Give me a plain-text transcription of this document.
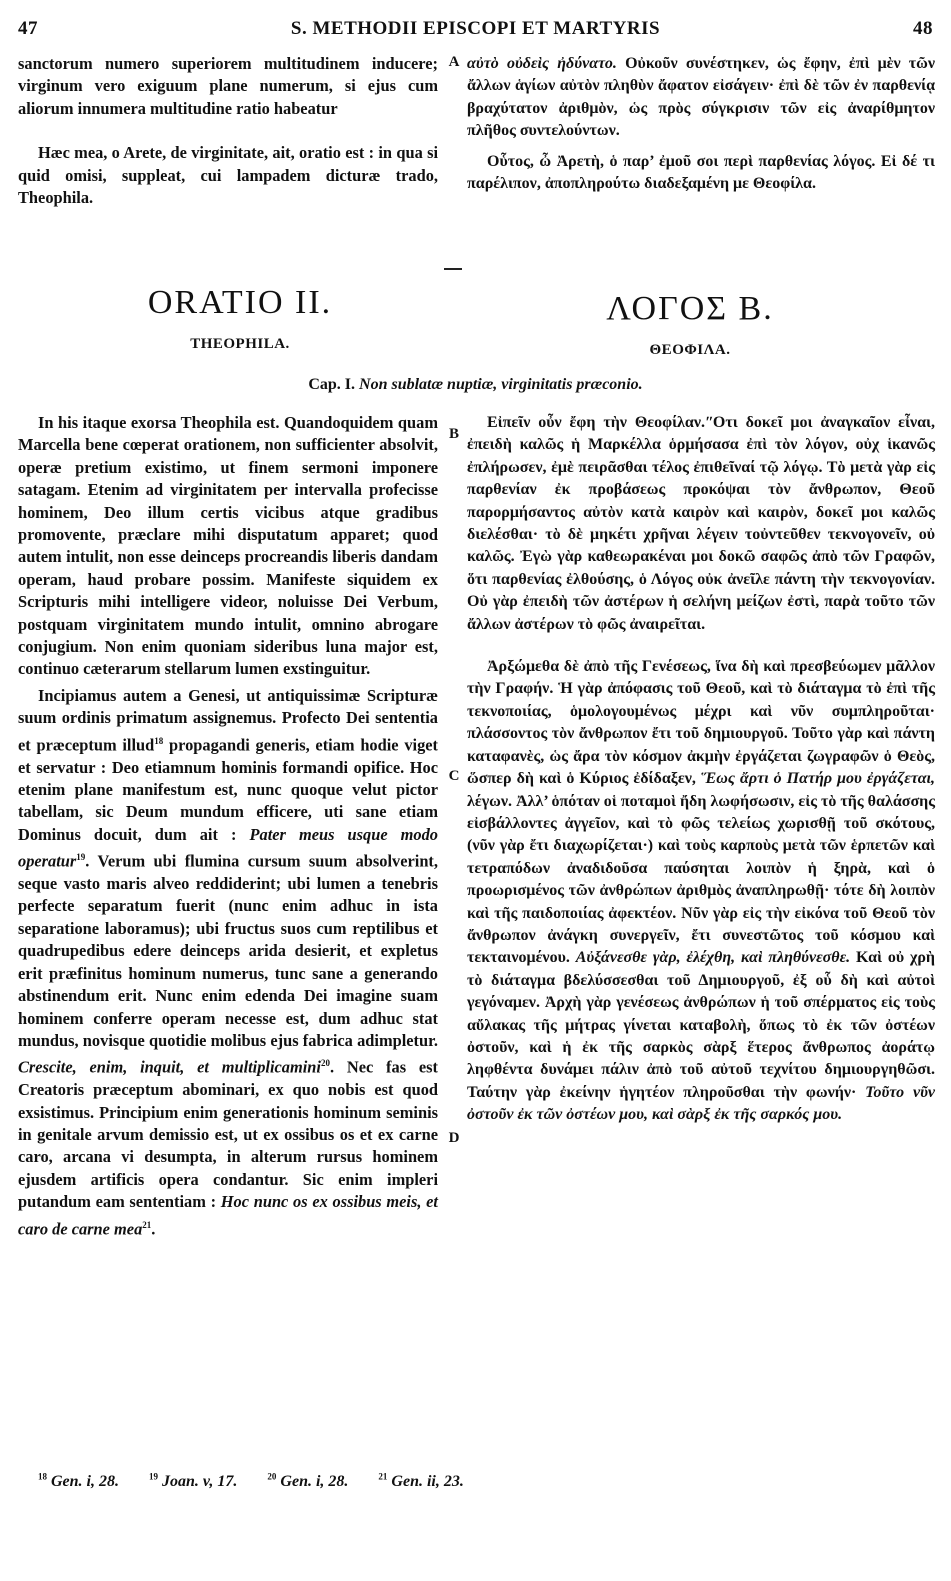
47	S. METHODII EPISCOPI ET MARTYRIS	48

sanctorum numero superiorem multitudinem inducere; virginum vero exiguum plane numerum, si ejus cum aliorum innumera multitudine ratio habeatur

Hæc mea, o Arete, de virginitate, ait, oratio est : in qua si quid omisi, suppleat, cui lampadem dicturæ trado, Theophila.

αὐτὸ οὐδεὶς ἠδύνατο. Οὐκοῦν συνέστηκεν, ὡς ἔφην, ἐπὶ μὲν τῶν ἄλλων ἁγίων αὐτὸν πληθὺν ἄφατον εἰσάγειν· ἐπὶ δὲ τῶν ἐν παρθενίᾳ βραχύτατον ἀριθμὸν, ὡς πρὸς σύγκρισιν τῶν εἰς ἀναρίθμητον πλῆθος συντελούντων.

Οὗτος, ὦ Ἀρετὴ, ὁ παρ’ ἐμοῦ σοι περὶ παρθενίας λόγος. Εἰ δέ τι παρέλιπον, ἀποπληρούτω διαδεξαμένη με Θεοφίλα.

A
ORATIO II.
THEOPHILA.
ΛΟΓΟΣ Β.
ΘΕΟΦΙΛΑ.
Cap. I. Non sublatæ nuptiæ, virginitatis præconio.
B
C
D

In his itaque exorsa Theophila est. Quandoquidem quam Marcella bene cœperat orationem, non sufficienter absolvit, operæ pretium existimo, ut finem sermoni imponere satagam. Etenim ad virginitatem per intervalla profecisse hominem, Deo illum certis vicibus atque gradibus promovente, præclare mihi disputatum apparet; quod autem intulit, non esse deinceps procreandis liberis dandam operam, haud probare possim. Manifeste siquidem ex Scripturis mihi intelligere videor, noluisse Dei Verbum, postquam virginitatem mundo intulit, omnino abrogare conjugium. Non enim quoniam sideribus luna major est, continuo cæterarum stellarum lumen exstinguitur.

Incipiamus autem a Genesi, ut antiquissimæ Scripturæ suum ordinis primatum assignemus. Profecto Dei sententia et præceptum illud$^{18}$ propagandi generis, etiam hodie viget et servatur : Deo etiamnum hominis formandi opifice. Hoc etenim plane manifestum est, nunc quoque velut pictor tabellam, sic Deum mundum efficere, uti sane etiam Dominus docuit, dum ait : Pater meus usque modo operatur$^{19}$. Verum ubi flumina cursum suum absolverint, seque vasto maris alveo reddiderint; ubi lumen a tenebris perfecte separatum fuerit (nunc enim adhuc in ista separatione laboramus); ubi fructus suos cum reptilibus et quadrupedibus edere deinceps arida desierit, et expletus erit præfinitus hominum numerus, tunc sane a generando abstinendum erit. Nunc enim edenda Dei imagine suam hominem conferre operam necesse est, dum adhuc stat mundus, novisque quotidie molibus ejus fabrica adimpletur. Crescite, enim, inquit, et multiplicamini$^{20}$. Nec fas est Creatoris præceptum abominari, ex quo nobis est quod exsistimus. Principium enim generationis hominum seminis in genitale arvum demissio est, ut ex ossibus os et ex carne caro, arcana vi desumpta, in alterum rursus hominem ejusdem artificis opera condantur. Sic enim impleri putandum eam sententiam : Hoc nunc os ex ossibus meis, et caro de carne mea$^{21}$.

Εἰπεῖν οὖν ἔφη τὴν Θεοφίλαν.ʺΟτι δοκεῖ μοι ἀναγκαῖον εἶναι, ἐπειδὴ καλῶς ἡ Μαρκέλλα ὁρμήσασα ἐπὶ τὸν λόγον, οὐχ ἱκανῶς ἐπλήρωσεν, ἐμὲ πειρᾶσθαι τέλος ἐπιθεῖναί τῷ λόγῳ. Τὸ μετὰ γὰρ εἰς παρθενίαν ἐκ προβάσεως προκόψαι τὸν ἄνθρωπον, Θεοῦ παρορμήσαντος αὐτὸν κατὰ καιρὸν καὶ καιρὸν, δοκεῖ μοι καλῶς διελέσθαι· τὸ δὲ μηκέτι χρῆναι λέγειν τοὐντεῦθεν τεκνογονεῖν, οὐ καλῶς. Ἐγὼ γὰρ καθεωρακέναι μοι δοκῶ σαφῶς ἀπὸ τῶν Γραφῶν, ὅτι παρθενίας ἐλθούσης, ὁ Λόγος οὐκ ἀνεῖλε πάντη τὴν τεκνογονίαν. Οὐ γὰρ ἐπειδὴ τῶν ἀστέρων ἡ σελήνη μείζων ἐστὶ, παρὰ τοῦτο τῶν ἄλλων ἀστέρων τὸ φῶς ἀναιρεῖται.

Ἀρξώμεθα δὲ ἀπὸ τῆς Γενέσεως, ἵνα δὴ καὶ πρεσβεύωμεν μᾶλλον τὴν Γραφήν. Ἡ γὰρ ἀπόφασις τοῦ Θεοῦ, καὶ τὸ διάταγμα τὸ ἐπὶ τῆς τεκνοποιίας, ὁμολογουμένως μέχρι καὶ νῦν συμπληροῦται· πλάσσοντος τὸν ἄνθρωπον ἔτι τοῦ δημιουργοῦ. Τοῦτο γὰρ καὶ πάντη καταφανὲς, ὡς ἄρα τὸν κόσμον ἀκμὴν ἐργάζεται ζωγραφῶν ὁ Θεὸς, ὥσπερ δὴ καὶ ὁ Κύριος ἐδίδαξεν, Ἕως ἄρτι ὁ Πατήρ μου ἐργάζεται, λέγων. Ἀλλ’ ὁπόταν οἱ ποταμοὶ ἤδη λωφήσωσιν, εἰς τὸ τῆς θαλάσσης εἰσβάλλοντες ἀγγεῖον, καὶ τὸ φῶς τελείως χωρισθῇ τοῦ σκότους, (νῦν γὰρ ἔτι διαχωρίζεται·) καὶ τοὺς καρποὺς μετὰ τῶν ἑρπετῶν καὶ τετραπόδων ἀναδιδοῦσα παύσηται λοιπὸν ἡ ξηρὰ, καὶ ὁ προωρισμένος τῶν ἀνθρώπων ἀριθμὸς ἀναπληρωθῇ· τότε δὴ λοιπὸν καὶ τῆς παιδοποιίας ἀφεκτέον. Νῦν γὰρ εἰς τὴν εἰκόνα τοῦ Θεοῦ τὸν ἄνθρωπον ἀνάγκη συνεργεῖν, ἔτι συνεστῶτος τοῦ κόσμου καὶ τεκταινομένου. Αὐξάνεσθε γὰρ, ἐλέχθη, καὶ πληθύνεσθε. Καὶ οὐ χρὴ τὸ διάταγμα βδελύσσεσθαι τοῦ Δημιουργοῦ, ἐξ οὗ δὴ καὶ αὐτοὶ γεγόναμεν. Ἀρχὴ γὰρ γενέσεως ἀνθρώπων ἡ τοῦ σπέρματος εἰς τοὺς αὔλακας τῆς μήτρας γίνεται καταβολὴ, ὅπως τὸ ἐκ τῶν ὀστέων ὀστοῦν, καὶ ἡ ἐκ τῆς σαρκὸς σὰρξ ἕτερος ἄνθρωπος ἀοράτῳ ληφθέντα δυνάμει πάλιν ἀπὸ τοῦ αὐτοῦ τεχνίτου δημιουργηθῶσι. Ταύτην γὰρ ἐκείνην ἡγητέον πληροῦσθαι τὴν φωνήν· Τοῦτο νῦν ὀστοῦν ἐκ τῶν ὀστέων μου, καὶ σὰρξ ἐκ τῆς σαρκός μου.

$^{18}$ Gen. i, 28.	$^{19}$ Joan. v, 17.	$^{20}$ Gen. i, 28.	$^{21}$ Gen. ii, 23.
